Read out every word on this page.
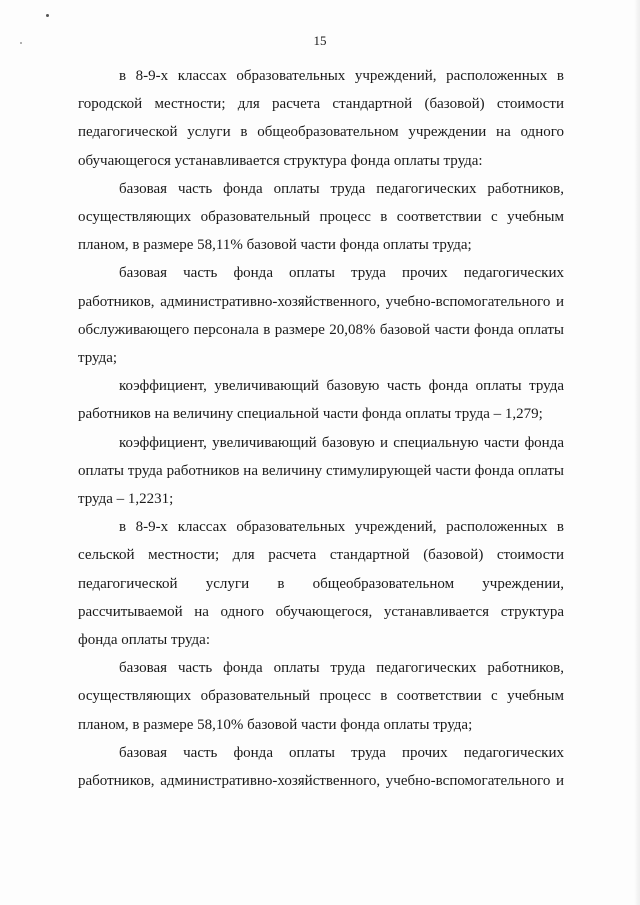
15

в 8-9-х классах образовательных учреждений, расположенных в городской местности; для расчета стандартной (базовой) стоимости педагогической услуги в общеобразовательном учреждении на одного обучающегося устанавливается структура фонда оплаты труда:

базовая часть фонда оплаты труда педагогических работников, осуществляющих образовательный процесс в соответствии с учебным планом, в размере 58,11% базовой части фонда оплаты труда;

базовая часть фонда оплаты труда прочих педагогических работников, административно-хозяйственного, учебно-вспомогательного и обслуживающего персонала в размере 20,08% базовой части фонда оплаты труда;

коэффициент, увеличивающий базовую часть фонда оплаты труда работников на величину специальной части фонда оплаты труда – 1,279;

коэффициент, увеличивающий базовую и специальную части фонда оплаты труда работников на величину стимулирующей части фонда оплаты труда – 1,2231;

в 8-9-х классах образовательных учреждений, расположенных в сельской местности; для расчета стандартной (базовой) стоимости педагогической услуги в общеобразовательном учреждении, рассчитываемой на одного обучающегося, устанавливается структура фонда оплаты труда:

базовая часть фонда оплаты труда педагогических работников, осуществляющих образовательный процесс в соответствии с учебным планом, в размере 58,10% базовой части фонда оплаты труда;

базовая часть фонда оплаты труда прочих педагогических работников, административно-хозяйственного, учебно-вспомогательного и
